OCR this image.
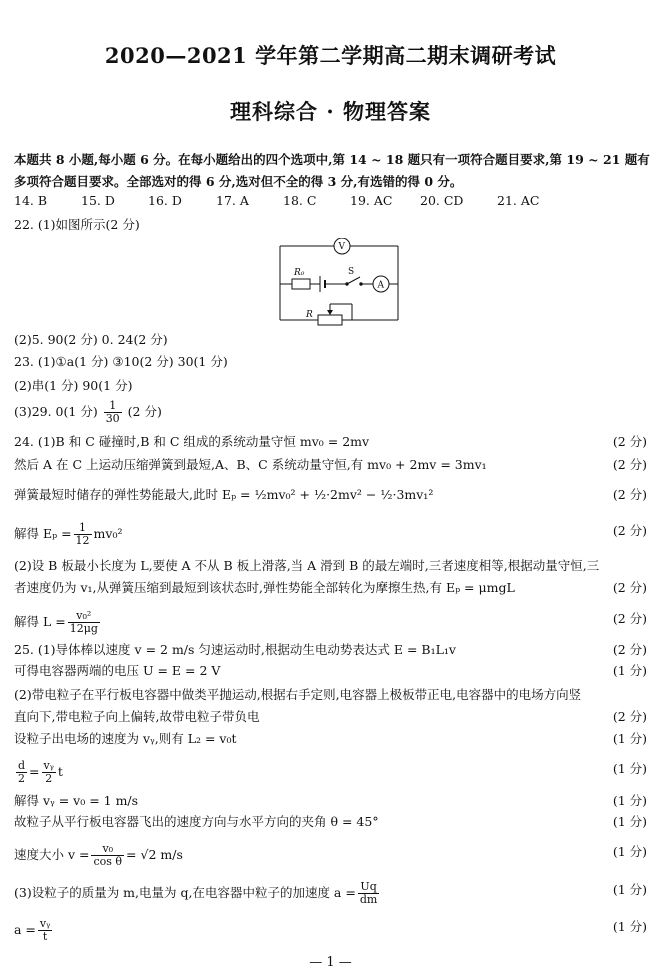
2020—2021 学年第二学期高二期末调研考试
理科综合 · 物理答案
本题共 8 小题,每小题 6 分。在每小题给出的四个选项中,第 14 ~ 18 题只有一项符合题目要求,第 19 ~ 21 题有
多项符合题目要求。全部选对的得 6 分,选对但不全的得 3 分,有选错的得 0 分。
14. B	15. D	16. D	17. A	18. C	19. AC 20. CD	21. AC
22. (1)如图所示(2 分)
V
A
R₀	S
R
(2)5. 90(2 分) 0. 24(2 分)
23. (1)①a(1 分) ③10(2 分) 30(1 分)
(2)串(1 分) 90(1 分)
(3)29. 0(1 分) $\frac{1}{30} (2$ 分)
24. (1)B 和 C 碰撞时,B 和 C 组成的系统动量守恒 mv₀ = 2mv	(2 分)
然后 A 在 C 上运动压缩弹簧到最短,A、B、C 系统动量守恒,有 mv₀ + 2mv = 3mv₁	(2 分)
弹簧最短时储存的弹性势能最大,此时 Eₚ = ½mv₀² + ½·2mv² − ½·3mv₁²	(2 分)
解得 $E_p = \frac{1}{12} mv_0^2$	(2 分)
(2)设 B 板最小长度为 L,要使 A 不从 B 板上滑落,当 A 滑到 B 的最左端时,三者速度相等,根据动量守恒,三
者速度仍为 v₁,从弹簧压缩到最短到该状态时,弹性势能全部转化为摩擦生热,有 Eₚ = μmgL	(2 分)
解得 $L = \frac{\text{v₀²}}{12\mu g}$	(2 分)
25. (1)导体棒以速度 v = 2 m/s 匀速运动时,根据动生电动势表达式 E = B₁L₁v	(2 分)
可得电容器两端的电压 U = E = 2 V	(1 分)
(2)带电粒子在平行板电容器中做类平抛运动,根据右手定则,电容器上极板带正电,电容器中的电场方向竖
直向下,带电粒子向上偏转,故带电粒子带负电	(2 分)
设粒子出电场的速度为 vᵧ,则有 L₂ = v₀t	(1 分)
$\frac{d}{2} = \frac{\text{vᵧ}}{2}$ t	(1 分)
解得 vᵧ = v₀ = 1 m/s	(1 分)
故粒子从平行板电容器飞出的速度方向与水平方向的夹角 θ = 45°	(1 分)
速度大小 $v = \frac{\text{v₀}}{\text{cos θ}} = √2$ m/s	(1 分)
(3)设粒子的质量为 m,电量为 q,在电容器中粒子的加速度 $a = \frac{Uq}{dm}$	(1 分)
$a = \frac{\text{vᵧ}}{t}$	(1 分)
— 1 —
